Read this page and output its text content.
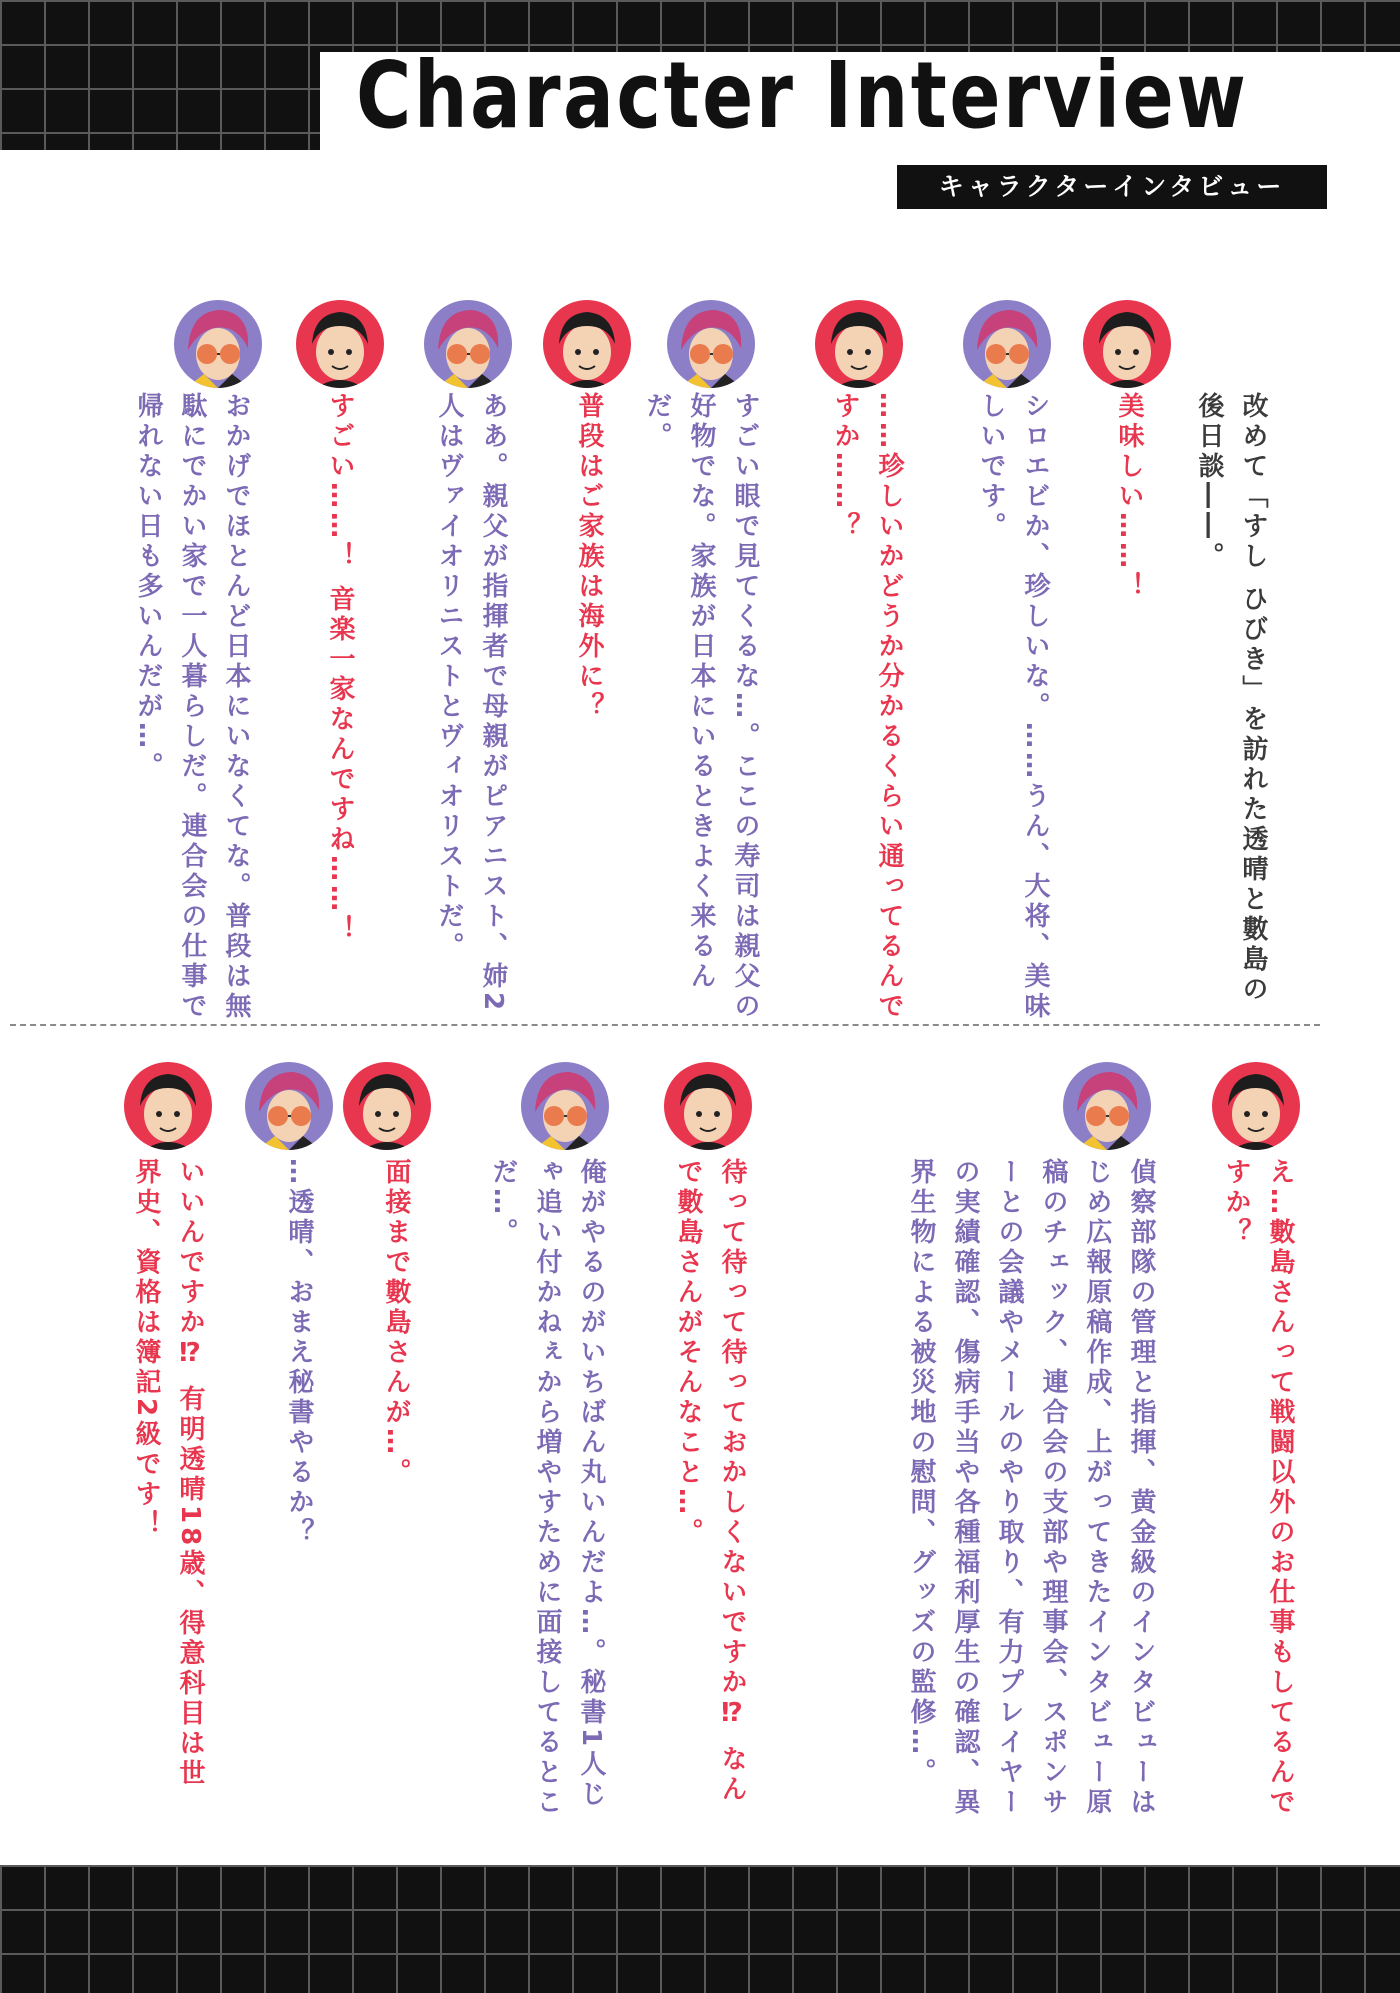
Character Interview
キャラクターインタビュー
改めて「すし ひびき」を訪れた透晴と數島の後日談――。
美味しい……！
シロエビか、珍しいな。……うん、大将、美味しいです。
……珍しいかどうか分かるくらい通ってるんですか……？
すごい眼で見てくるな…。ここの寿司は親父の好物でな。家族が日本にいるときよく来るんだ。
普段はご家族は海外に？
ああ。親父が指揮者で母親がピアニスト、姉2人はヴァイオリニストとヴィオリストだ。
すごい……！ 音楽一家なんですね……！
おかげでほとんど日本にいなくてな。普段は無駄にでかい家で一人暮らしだ。連合会の仕事で帰れない日も多いんだが…。
え…數島さんって戦闘以外のお仕事もしてるんですか？
偵察部隊の管理と指揮、黄金級のインタビューはじめ広報原稿作成、上がってきたインタビュー原稿のチェック、連合会の支部や理事会、スポンサーとの会議やメールのやり取り、有力プレイヤーの実績確認、傷病手当や各種福利厚生の確認、異界生物による被災地の慰問、グッズの監修…。
待って待って待っておかしくないですか⁉ なんで數島さんがそんなこと…。
俺がやるのがいちばん丸いんだよ…。秘書1人じゃ追い付かねぇから増やすために面接してるとこだ…。
面接まで數島さんが…。
…透晴、おまえ秘書やるか？
いいんですか⁉ 有明透晴18歳、得意科目は世界史、資格は簿記2級です！
